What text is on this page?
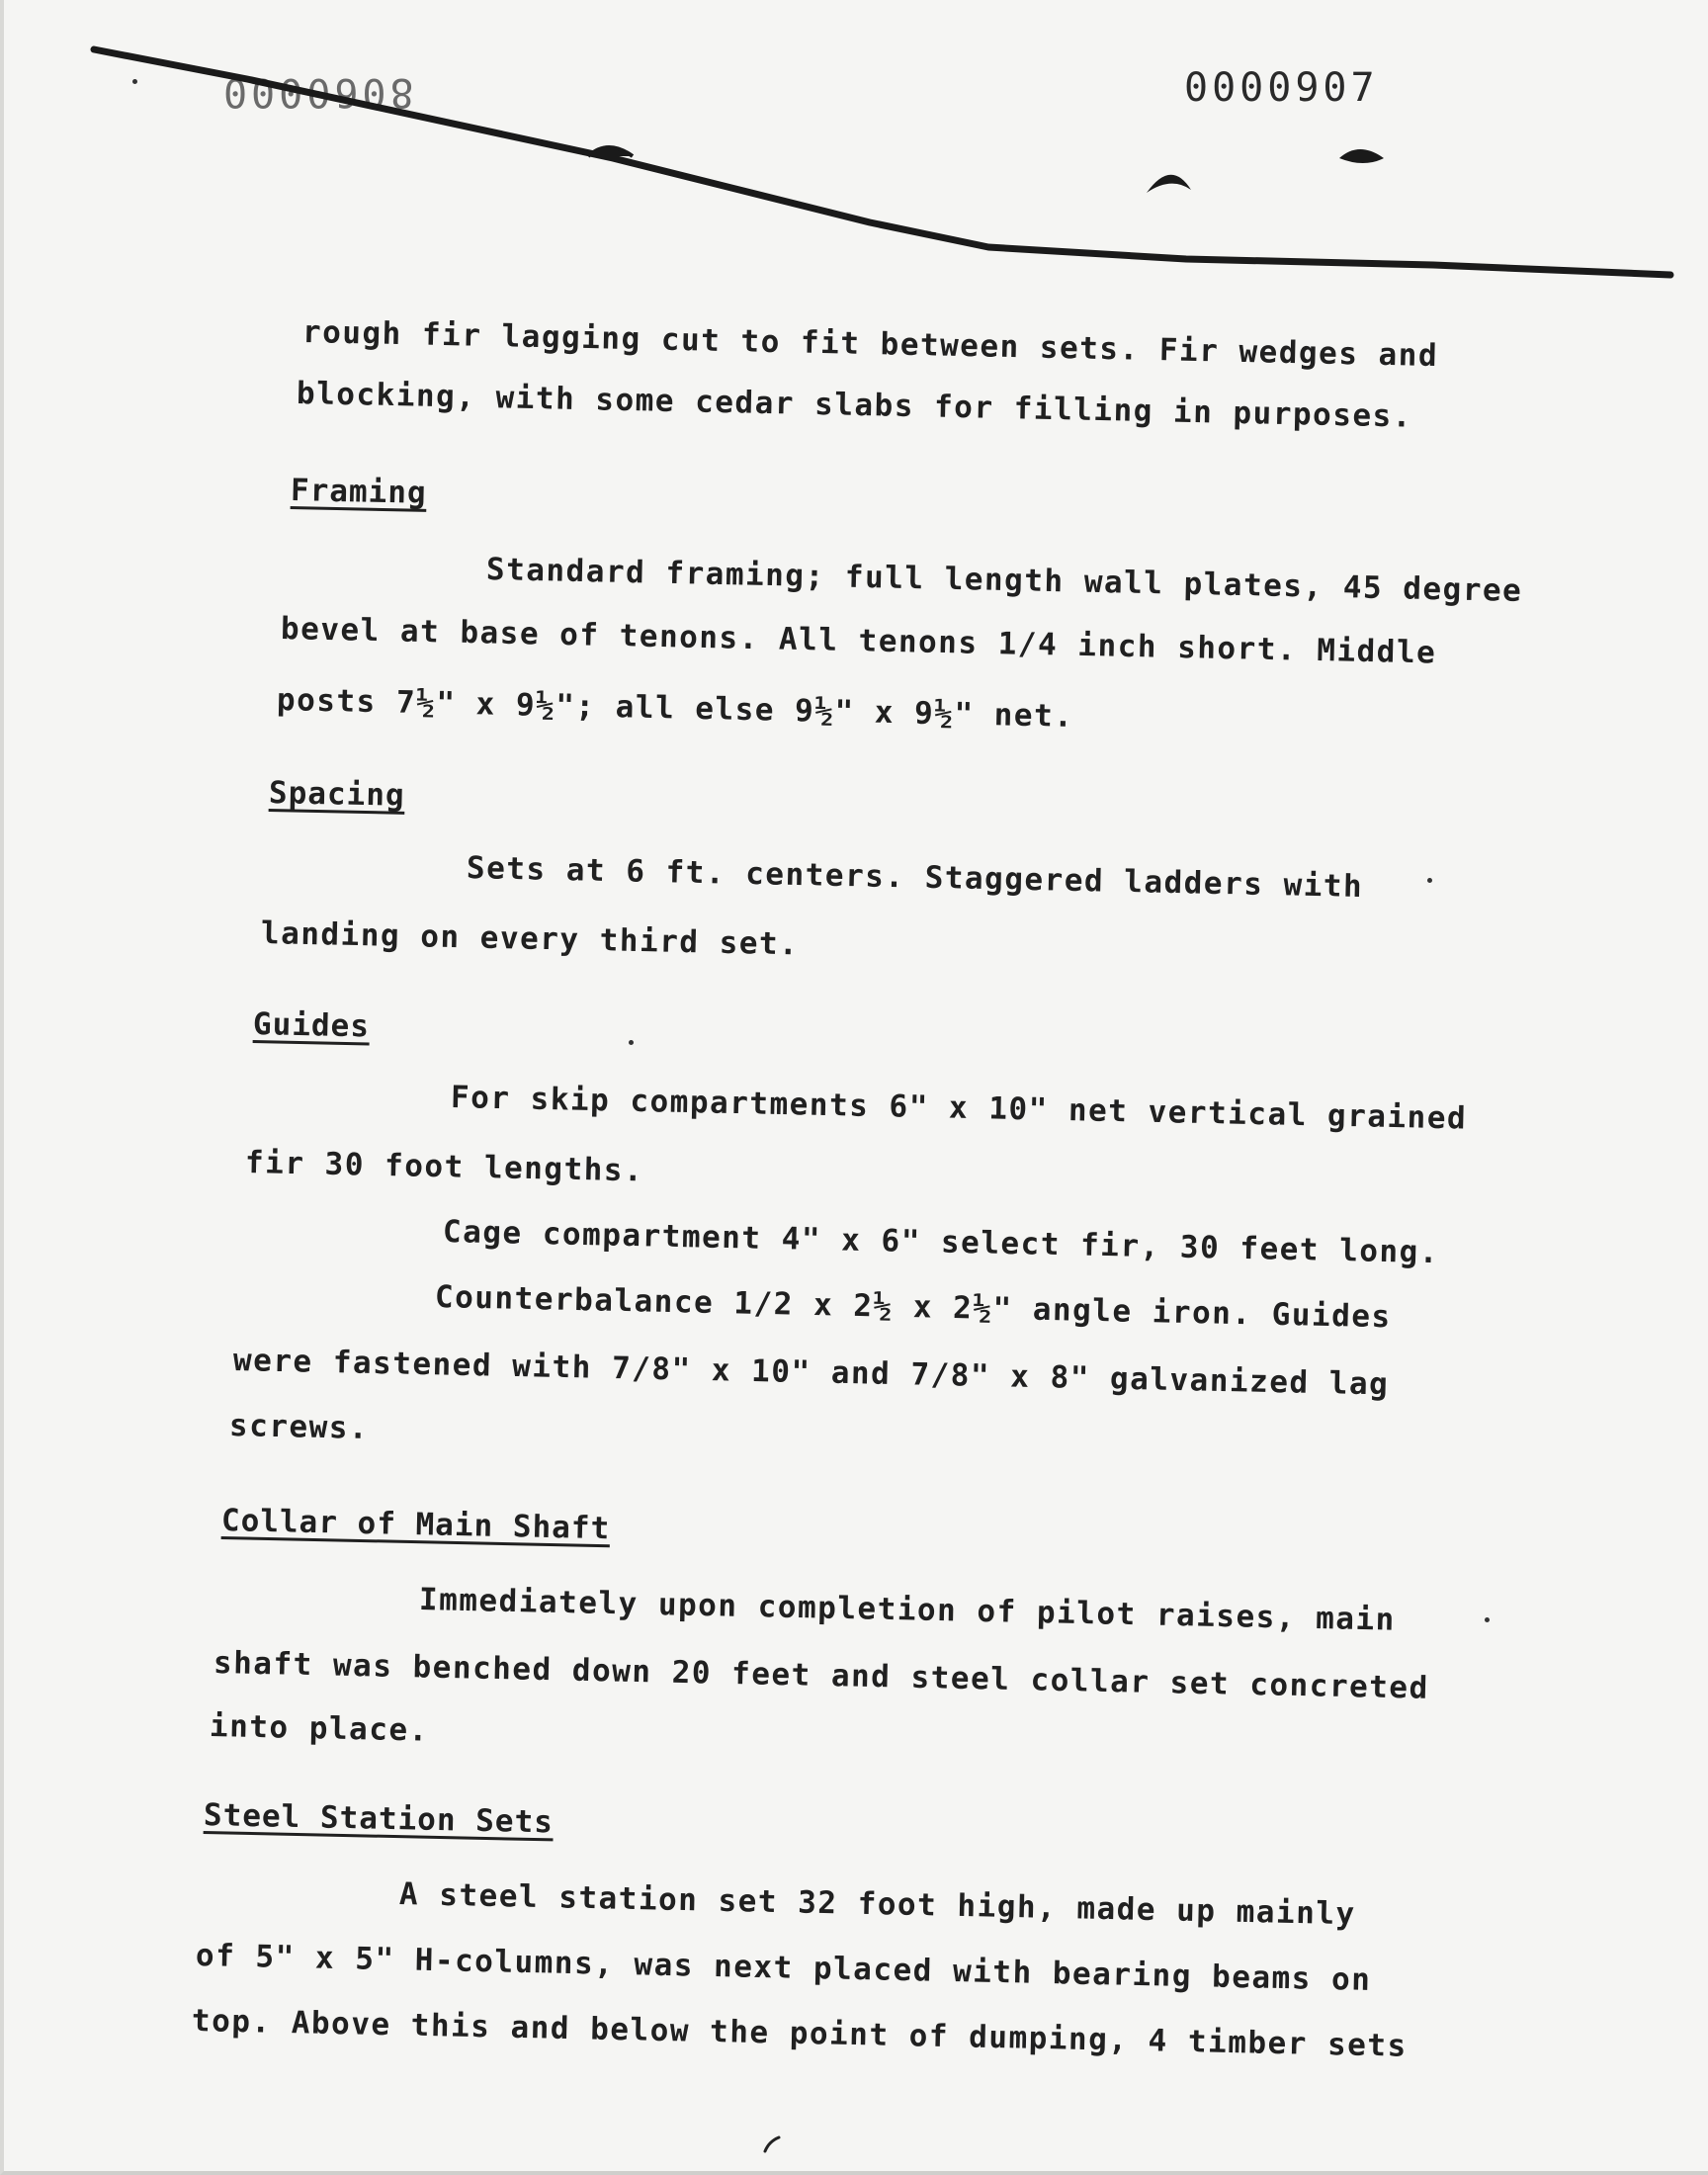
8060000	0000907
rough fir lagging cut to fit between sets. Fir wedges and
blocking, with some cedar slabs for filling in purposes.
Framing
Standard framing; full length wall plates, 45 degree
bevel at base of tenons. All tenons 1/4 inch short. Middle
posts 7½" x 9½"; all else 9½" x 9½" net.
Spacing
Sets at 6 ft. centers. Staggered ladders with
landing on every third set.
Guides
For skip compartments 6" x 10" net vertical grained
fir 30 foot lengths.
Cage compartment 4" x 6" select fir, 30 feet long.
Counterbalance 1/2 x 2½ x 2½" angle iron. Guides
were fastened with 7/8" x 10" and 7/8" x 8" galvanized lag
screws.
Collar of Main Shaft
Immediately upon completion of pilot raises, main
shaft was benched down 20 feet and steel collar set concreted
into place.
Steel Station Sets
A steel station set 32 foot high, made up mainly
of 5" x 5" H-columns, was next placed with bearing beams on
top. Above this and below the point of dumping, 4 timber sets
